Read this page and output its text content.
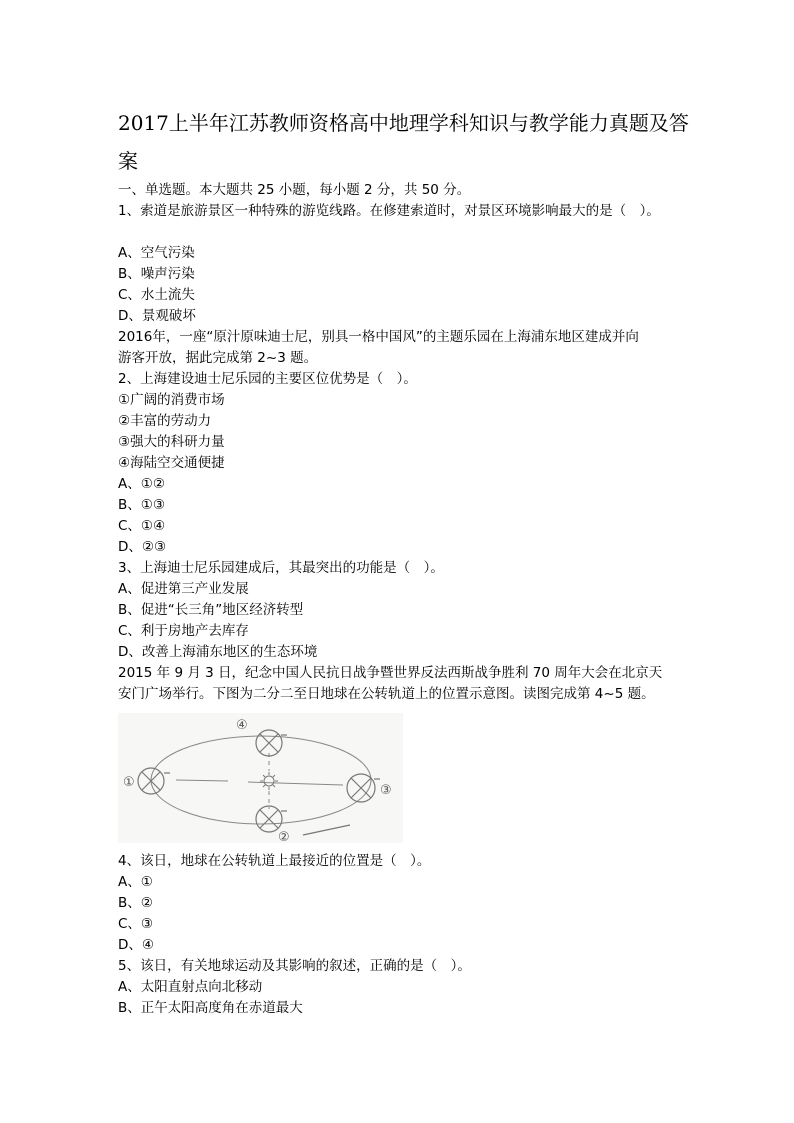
2017上半年江苏教师资格高中地理学科知识与教学能力真题及答案
一、单选题。本大题共 25 小题，每小题 2 分，共 50 分。
1、索道是旅游景区一种特殊的游览线路。在修建索道时，对景区环境影响最大的是（　）。
A、空气污染
B、噪声污染
C、水土流失
D、景观破坏
2016年，一座“原汁原味迪士尼，别具一格中国风”的主题乐园在上海浦东地区建成并向
游客开放，据此完成第 2~3 题。
2、上海建设迪士尼乐园的主要区位优势是（　）。
①广阔的消费市场
②丰富的劳动力
③强大的科研力量
④海陆空交通便捷
A、①②
B、①③
C、①④
D、②③
3、上海迪士尼乐园建成后，其最突出的功能是（　）。
A、促进第三产业发展
B、促进“长三角”地区经济转型
C、利于房地产去库存
D、改善上海浦东地区的生态环境
2015 年 9 月 3 日，纪念中国人民抗日战争暨世界反法西斯战争胜利 70 周年大会在北京天
安门广场举行。下图为二分二至日地球在公转轨道上的位置示意图。读图完成第 4~5 题。
①
②
③
④
4、该日，地球在公转轨道上最接近的位置是（　）。
A、①
B、②
C、③
D、④
5、该日，有关地球运动及其影响的叙述，正确的是（　）。
A、太阳直射点向北移动
B、正午太阳高度角在赤道最大
